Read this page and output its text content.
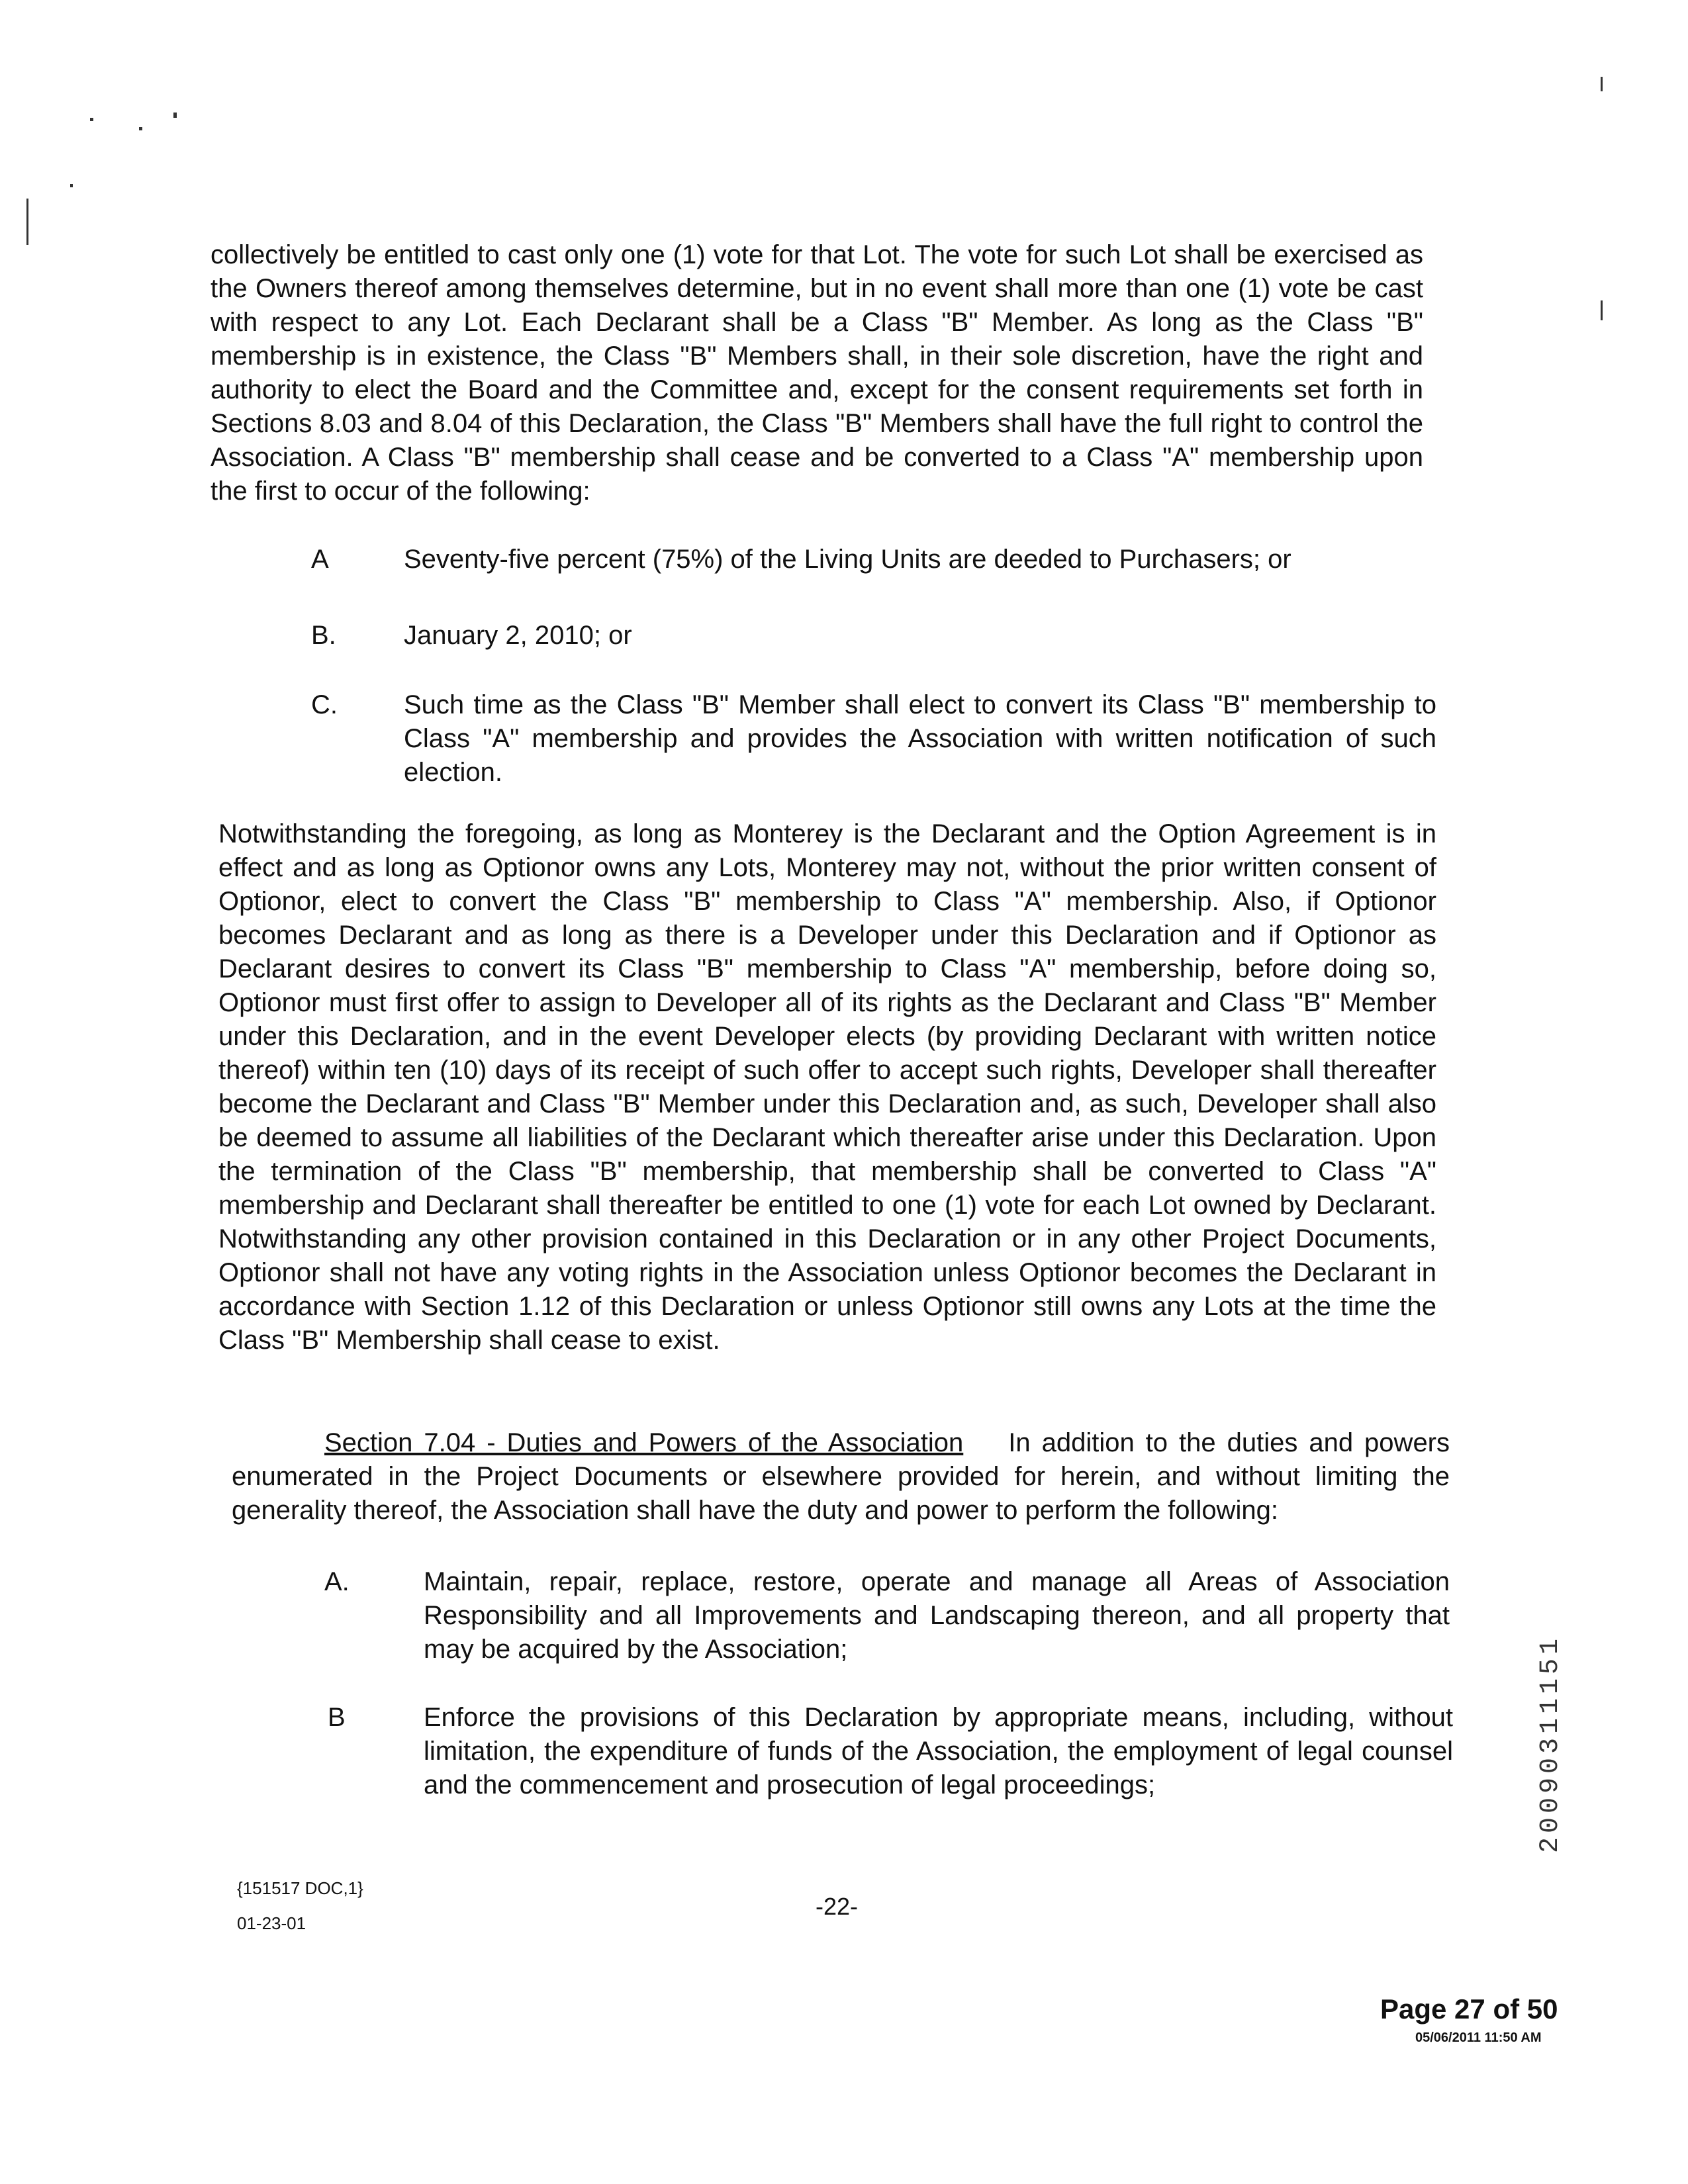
collectively be entitled to cast only one (1) vote for that Lot. The vote for such Lot shall be exercised as the Owners thereof among themselves determine, but in no event shall more than one (1) vote be cast with respect to any Lot. Each Declarant shall be a Class "B" Member. As long as the Class "B" membership is in existence, the Class "B" Members shall, in their sole discretion, have the right and authority to elect the Board and the Committee and, except for the consent requirements set forth in Sections 8.03 and 8.04 of this Declaration, the Class "B" Members shall have the full right to control the Association. A Class "B" membership shall cease and be converted to a Class "A" membership upon the first to occur of the following:

A	Seventy-five percent (75%) of the Living Units are deeded to Purchasers; or
B.	January 2, 2010; or
C.	Such time as the Class "B" Member shall elect to convert its Class "B" membership to Class "A" membership and provides the Association with written notification of such election.

Notwithstanding the foregoing, as long as Monterey is the Declarant and the Option Agreement is in effect and as long as Optionor owns any Lots, Monterey may not, without the prior written consent of Optionor, elect to convert the Class "B" membership to Class "A" membership. Also, if Optionor becomes Declarant and as long as there is a Developer under this Declaration and if Optionor as Declarant desires to convert its Class "B" membership to Class "A" membership, before doing so, Optionor must first offer to assign to Developer all of its rights as the Declarant and Class "B" Member under this Declaration, and in the event Developer elects (by providing Declarant with written notice thereof) within ten (10) days of its receipt of such offer to accept such rights, Developer shall thereafter become the Declarant and Class "B" Member under this Declaration and, as such, Developer shall also be deemed to assume all liabilities of the Declarant which thereafter arise under this Declaration. Upon the termination of the Class "B" membership, that membership shall be converted to Class "A" membership and Declarant shall thereafter be entitled to one (1) vote for each Lot owned by Declarant. Notwithstanding any other provision contained in this Declaration or in any other Project Documents, Optionor shall not have any voting rights in the Association unless Optionor becomes the Declarant in accordance with Section 1.12 of this Declaration or unless Optionor still owns any Lots at the time the Class "B" Membership shall cease to exist.

Section 7.04 - Duties and Powers of the Association In addition to the duties and powers enumerated in the Project Documents or elsewhere provided for herein, and without limiting the generality thereof, the Association shall have the duty and power to perform the following:

A.	Maintain, repair, replace, restore, operate and manage all Areas of Association Responsibility and all Improvements and Landscaping thereon, and all property that may be acquired by the Association;
B	Enforce the provisions of this Declaration by appropriate means, including, without limitation, the expenditure of funds of the Association, the employment of legal counsel and the commencement and prosecution of legal proceedings;
{151517 DOC,1}
01-23-01
-22-
Page 27 of 50
05/06/2011 11:50 AM
20090311151
